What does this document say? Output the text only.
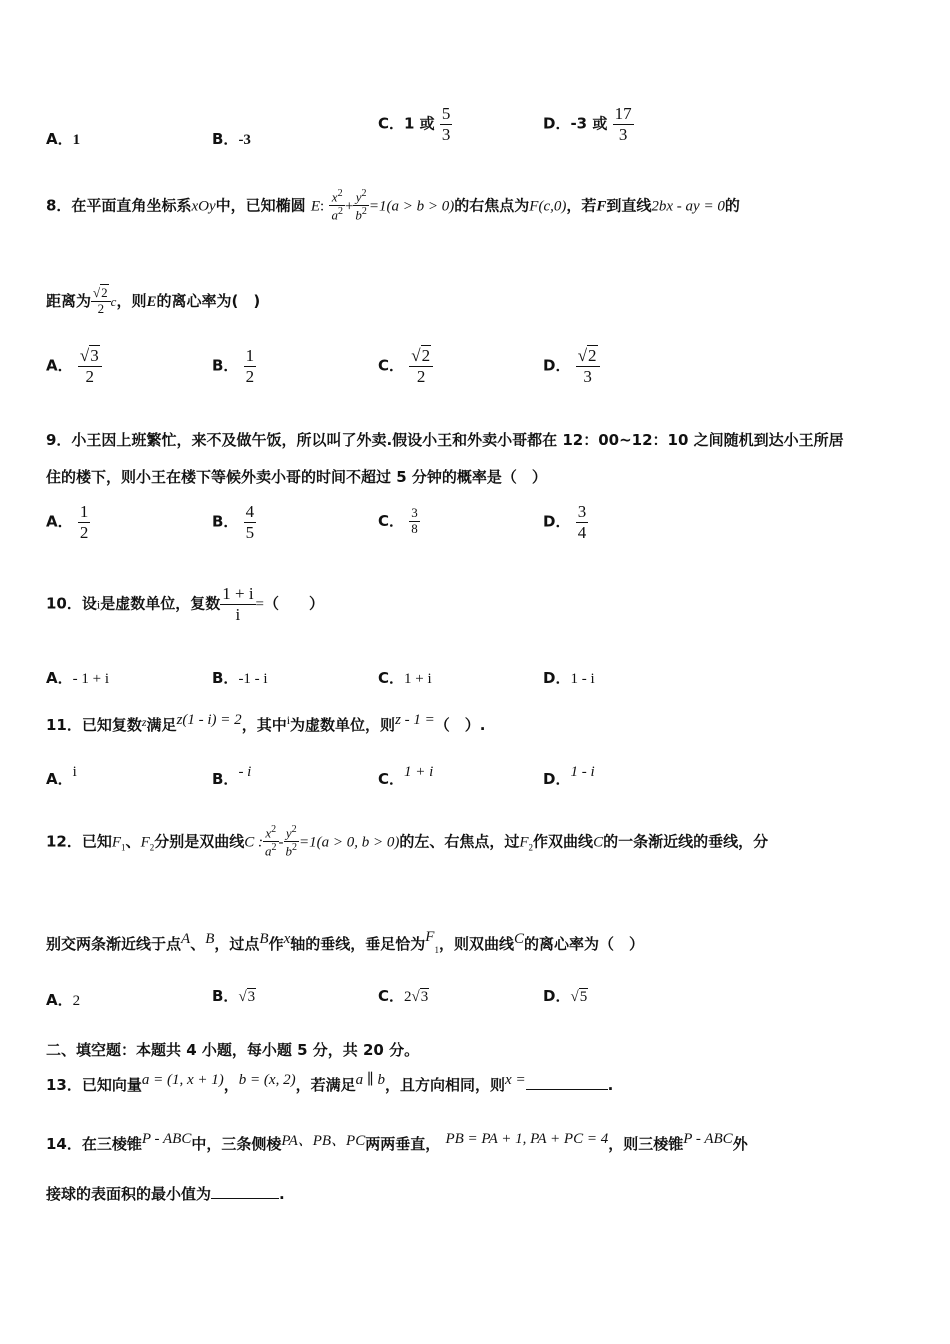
A．1	B．-3
C．1 或 $\frac{5}{3}$	D．-3 或 $\frac{17}{3}$
8．在平面直角坐标系xOy中，已知椭圆 E: $\frac{x^2}{a^2} + \frac{y^2}{b^2} =1(a > b > 0)$的右焦点为F(c,0)，若F到直线2bx - ay = 0的
距离为 $\frac{√2}{2}$ c，则E的离心率为(　)
A． $\frac{√3}{2}$	B． $\frac{1}{2}$	C． $\frac{√2}{2}$	D． $\frac{√2}{3}$
9．小王因上班繁忙，来不及做午饭，所以叫了外卖.假设小王和外卖小哥都在 12：00~12：10 之间随机到达小王所居
住的楼下，则小王在楼下等候外卖小哥的时间不超过 5 分钟的概率是（　）
A． $\frac{1}{2}$	B． $\frac{4}{5}$	C． $\frac{3}{8}$	D． $\frac{3}{4}$
10．设i是虚数单位，复数 $\frac{1 + i}{i}$ =（　　）
A．- 1 + i	B．-1 - i	C．1 + i	D．1 - i
11．已知复数$^z$满足z(1 - i) = 2，其中$^i$为虚数单位，则z - 1 =（　）.
A．i	B．- i	C．1 + i	D．1 - i
12．已知$F_1$、$F_2$分别是双曲线C : $\frac{x^2}{a^2} - \frac{y^2}{b^2} =1(a > 0$, b > 0)的左、右焦点，过$F_2$作双曲线C的一条渐近线的垂线，分
别交两条渐近线于点A、B，过点B作x轴的垂线，垂足恰为$F_1$，则双曲线C的离心率为（　）
A．2	B．√3	C．2√3	D．√5
二、填空题：本题共 4 小题，每小题 5 分，共 20 分。
13．已知向量a = (1, x + 1)，b = (x, 2)，若满足a ∥ b，且方向相同，则x =	.
14．在三棱锥P - ABC中，三条侧棱PA、PB、PC两两垂直， PB = PA + 1, PA + PC = 4，则三棱锥P - ABC外
接球的表面积的最小值为	.
